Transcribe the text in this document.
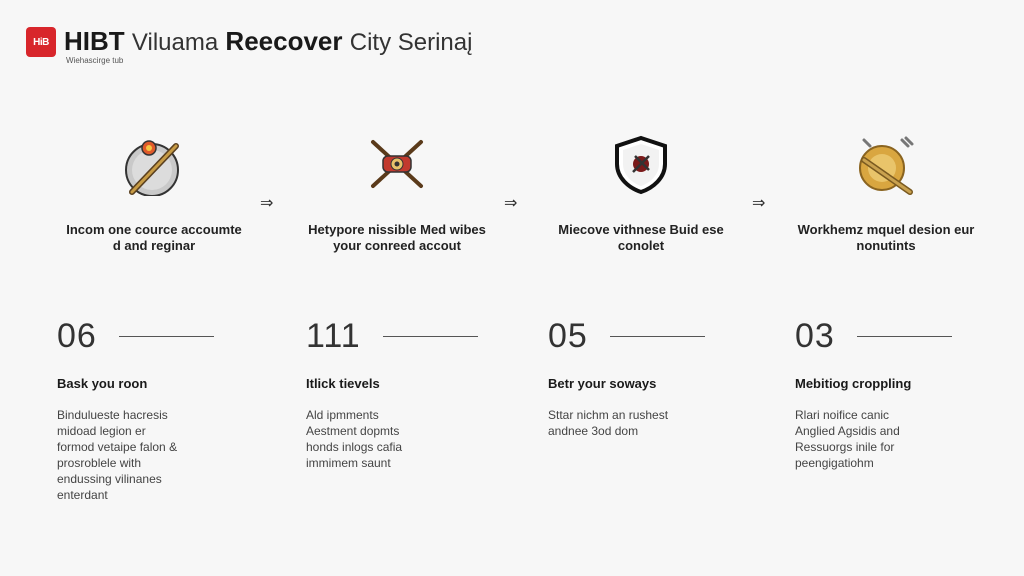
HiB HIBT Viluama Reecover City Serinaį
Wiehascirge tub
Incom one cource accoumte d and reginar
⇒
Hetypore nissible Med wibes your conreed accout
⇒
Miecove vithnese Buid ese conolet
⇒
Workhemz mquel desion eur nonutints
06
Bask you roon
Bindulueste hacresis
midoad legion er
formod vetaipe falon &
prosroblele with
endussing vilinanes
enterdant
111
Itlick tievels
Ald ipmments
Aestment dopmts
honds inlogs cafia
immimem saunt
05
Betr your soways
Sttar nichm an rushest
andnee 3od dom
03
Mebitiog croppling
Rlari noifice canic
Anglied Agsidis and
Ressuorgs inile for
peengigatiohm
